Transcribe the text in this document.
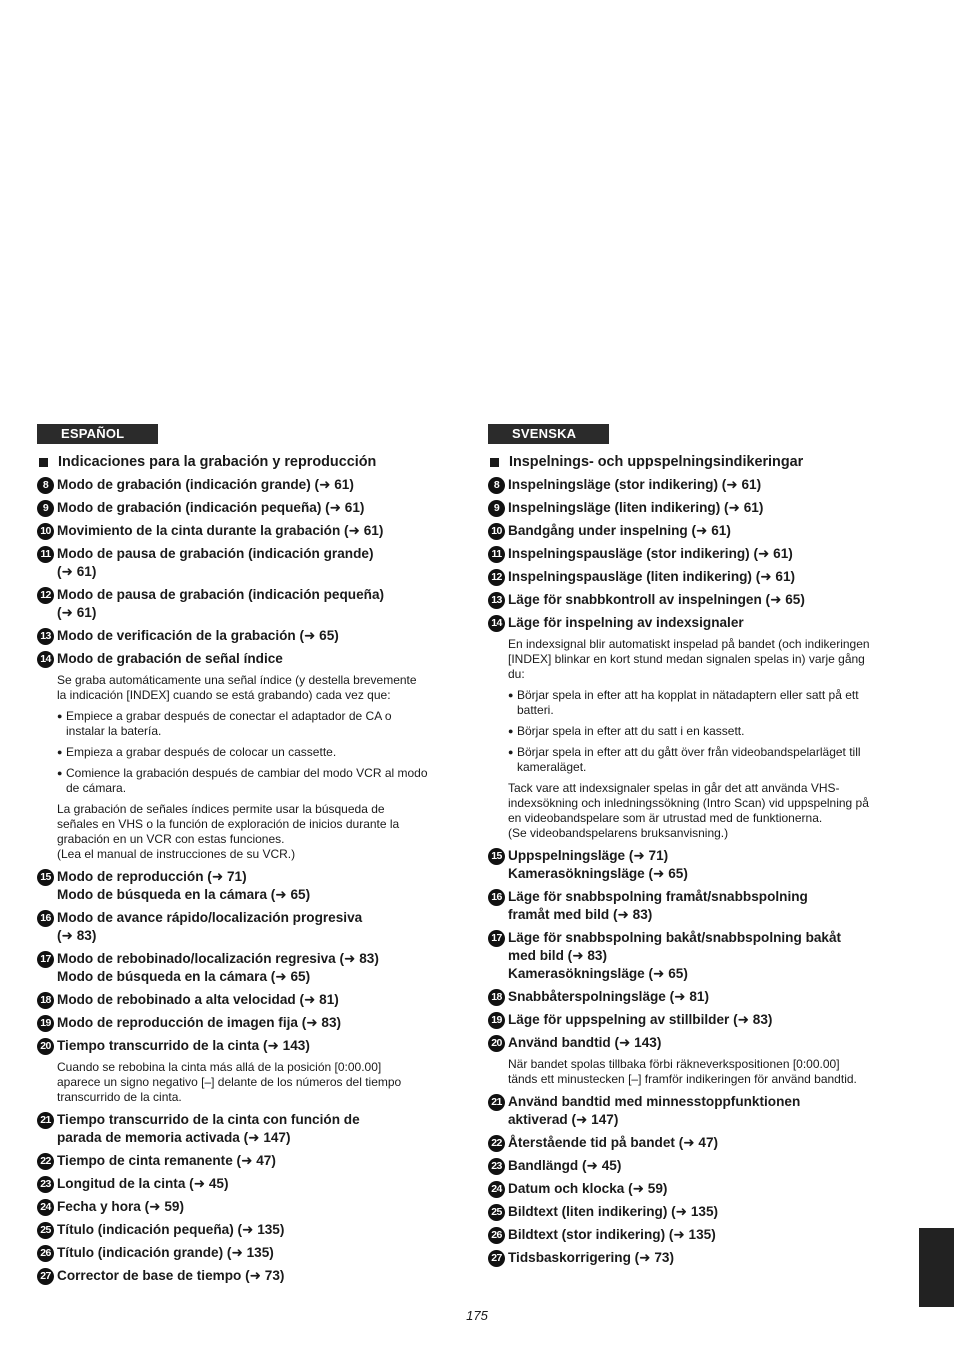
ESPAÑOL
Indicaciones para la grabación y reproducción
8 Modo de grabación (indicación grande) (➜ 61)
9 Modo de grabación (indicación pequeña) (➜ 61)
10 Movimiento de la cinta durante la grabación (➜ 61)
11 Modo de pausa de grabación (indicación grande)
(➜ 61)
12 Modo de pausa de grabación (indicación pequeña)
(➜ 61)
13 Modo de verificación de la grabación (➜ 65)
14 Modo de grabación de señal índice
Se graba automáticamente una señal índice (y destella brevemente
la indicación [INDEX] cuando se está grabando) cada vez que:
● Empiece a grabar después de conectar el adaptador de CA o
instalar la batería.
● Empieza a grabar después de colocar un cassette.
● Comience la grabación después de cambiar del modo VCR al modo
de cámara.
La grabación de señales índices permite usar la búsqueda de
señales en VHS o la función de exploración de inicios durante la
grabación en un VCR con estas funciones.
(Lea el manual de instrucciones de su VCR.)
15 Modo de reproducción (➜ 71)
Modo de búsqueda en la cámara (➜ 65)
16 Modo de avance rápido/localización progresiva
(➜ 83)
17 Modo de rebobinado/localización regresiva (➜ 83)
Modo de búsqueda en la cámara (➜ 65)
18 Modo de rebobinado a alta velocidad (➜ 81)
19 Modo de reproducción de imagen fija (➜ 83)
20 Tiempo transcurrido de la cinta (➜ 143)
Cuando se rebobina la cinta más allá de la posición [0:00.00]
aparece un signo negativo [–] delante de los números del tiempo
transcurrido de la cinta.
21 Tiempo transcurrido de la cinta con función de
parada de memoria activada (➜ 147)
22 Tiempo de cinta remanente (➜ 47)
23 Longitud de la cinta (➜ 45)
24 Fecha y hora (➜ 59)
25 Título (indicación pequeña) (➜ 135)
26 Título (indicación grande) (➜ 135)
27 Corrector de base de tiempo (➜ 73)
SVENSKA
Inspelnings- och uppspelningsindikeringar
8 Inspelningsläge (stor indikering) (➜ 61)
9 Inspelningsläge (liten indikering) (➜ 61)
10 Bandgång under inspelning (➜ 61)
11 Inspelningspausläge (stor indikering) (➜ 61)
12 Inspelningspausläge (liten indikering) (➜ 61)
13 Läge för snabbkontroll av inspelningen (➜ 65)
14 Läge för inspelning av indexsignaler
En indexsignal blir automatiskt inspelad på bandet (och indikeringen
[INDEX] blinkar en kort stund medan signalen spelas in) varje gång
du:
● Börjar spela in efter att ha kopplat in nätadaptern eller satt på ett
batteri.
● Börjar spela in efter att du satt i en kassett.
● Börjar spela in efter att du gått över från videobandspelarläget till
kameraläget.
Tack vare att indexsignaler spelas in går det att använda VHS-
indexsökning och inledningssökning (Intro Scan) vid uppspelning på
en videobandspelare som är utrustad med de funktionerna.
(Se videobandspelarens bruksanvisning.)
15 Uppspelningsläge (➜ 71)
Kamerasökningsläge (➜ 65)
16 Läge för snabbspolning framåt/snabbspolning
framåt med bild (➜ 83)
17 Läge för snabbspolning bakåt/snabbspolning bakåt
med bild (➜ 83)
Kamerasökningsläge (➜ 65)
18 Snabbåterspolningsläge (➜ 81)
19 Läge för uppspelning av stillbilder (➜ 83)
20 Använd bandtid (➜ 143)
När bandet spolas tillbaka förbi räkneverkspositionen [0:00.00]
tänds ett minustecken [–] framför indikeringen för använd bandtid.
21 Använd bandtid med minnesstoppfunktionen
aktiverad (➜ 147)
22 Återstående tid på bandet (➜ 47)
23 Bandlängd (➜ 45)
24 Datum och klocka (➜ 59)
25 Bildtext (liten indikering) (➜ 135)
26 Bildtext (stor indikering) (➜ 135)
27 Tidsbaskorrigering (➜ 73)
175
